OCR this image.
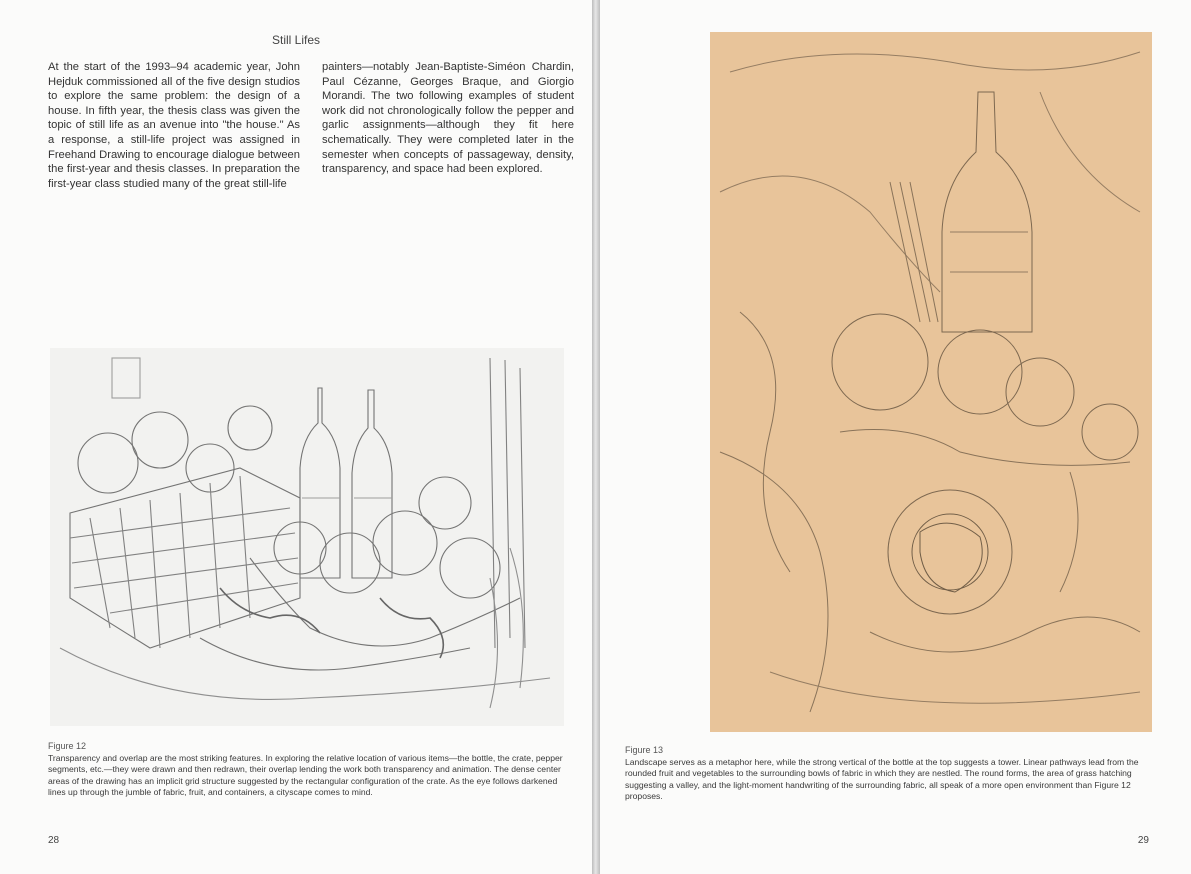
Still Lifes
At the start of the 1993–94 academic year, John Hejduk commissioned all of the five design studios to explore the same problem: the design of a house. In fifth year, the thesis class was given the topic of still life as an avenue into "the house." As a response, a still-life project was assigned in Freehand Drawing to encourage dialogue between the first-year and thesis classes. In preparation the first-year class studied many of the great still-life
painters—notably Jean-Baptiste-Siméon Chardin, Paul Cézanne, Georges Braque, and Giorgio Morandi. The two following examples of student work did not chronologically follow the pepper and garlic assignments—although they fit here schematically. They were completed later in the semester when concepts of passageway, density, transparency, and space had been explored.
Figure 12
Transparency and overlap are the most striking features. In exploring the relative location of various items—the bottle, the crate, pepper segments, etc.—they were drawn and then redrawn, their overlap lending the work both transparency and animation. The dense center areas of the drawing has an implicit grid structure suggested by the rectangular configuration of the crate. As the eye follows darkened lines up through the jumble of fabric, fruit, and containers, a cityscape comes to mind.
28
Figure 13
Landscape serves as a metaphor here, while the strong vertical of the bottle at the top suggests a tower. Linear pathways lead from the rounded fruit and vegetables to the surrounding bowls of fabric in which they are nestled. The round forms, the area of grass hatching suggesting a valley, and the light-moment handwriting of the surrounding fabric, all speak of a more open environment than Figure 12 proposes.
29
